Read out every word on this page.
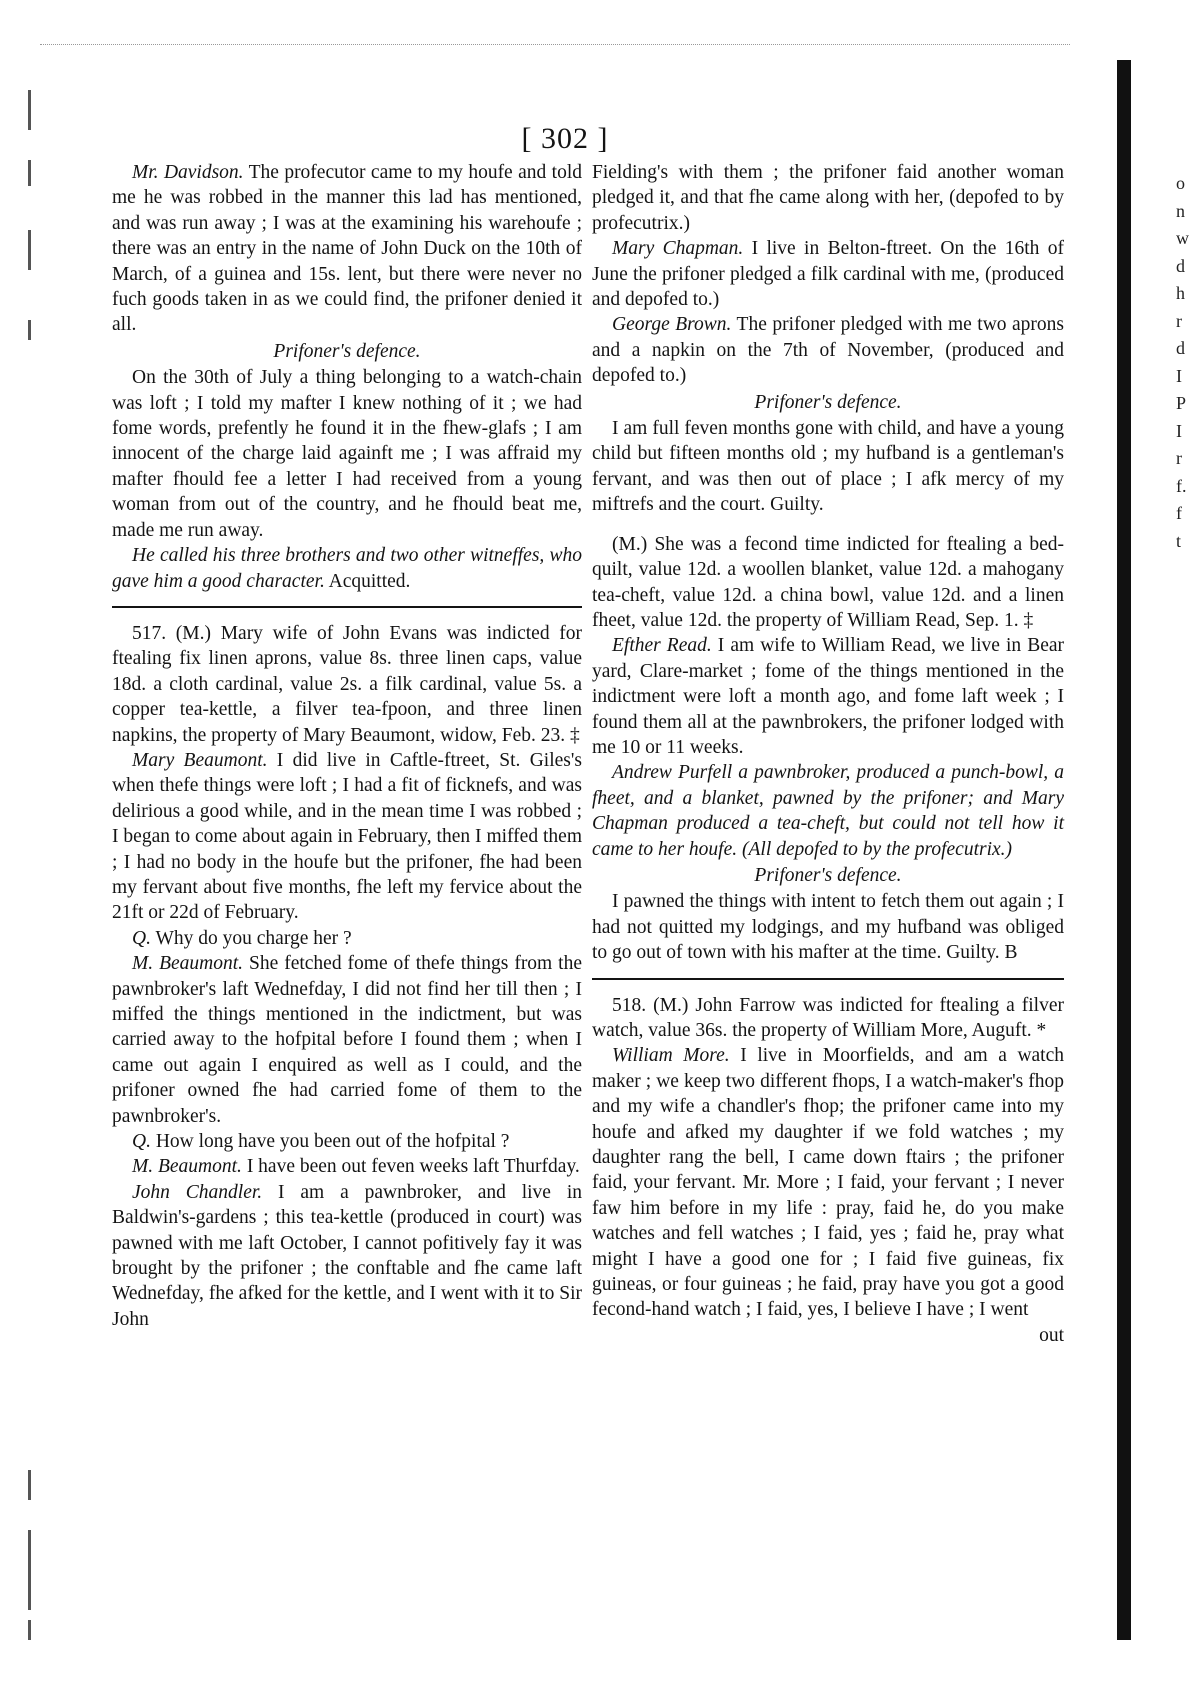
[ 302 ]

Mr. Davidson. The profecutor came to my houfe and told me he was robbed in the manner this lad has mentioned, and was run away ; I was at the examining his warehoufe ; there was an entry in the name of John Duck on the 10th of March, of a guinea and 15s. lent, but there were never no fuch goods taken in as we could find, the prifoner denied it all.

Prifoner's defence.

On the 30th of July a thing belonging to a watch-chain was loft ; I told my mafter I knew nothing of it ; we had fome words, prefently he found it in the fhew-glafs ; I am innocent of the charge laid againft me ; I was affraid my mafter fhould fee a letter I had received from a young woman from out of the country, and he fhould beat me, made me run away.

He called his three brothers and two other witneffes, who gave him a good character. Acquitted.

517. (M.) Mary wife of John Evans was indicted for ftealing fix linen aprons, value 8s. three linen caps, value 18d. a cloth cardinal, value 2s. a filk cardinal, value 5s. a copper tea-kettle, a filver tea-fpoon, and three linen napkins, the property of Mary Beaumont, widow, Feb. 23. ‡

Mary Beaumont. I did live in Caftle-ftreet, St. Giles's when thefe things were loft ; I had a fit of ficknefs, and was delirious a good while, and in the mean time I was robbed ; I began to come about again in February, then I miffed them ; I had no body in the houfe but the prifoner, fhe had been my fervant about five months, fhe left my fervice about the 21ft or 22d of February.

Q. Why do you charge her ?

M. Beaumont. She fetched fome of thefe things from the pawnbroker's laft Wednefday, I did not find her till then ; I miffed the things mentioned in the indictment, but was carried away to the hofpital before I found them ; when I came out again I enquired as well as I could, and the prifoner owned fhe had carried fome of them to the pawnbroker's.

Q. How long have you been out of the hofpital ?

M. Beaumont. I have been out feven weeks laft Thurfday.

John Chandler. I am a pawnbroker, and live in Baldwin's-gardens ; this tea-kettle (produced in court) was pawned with me laft October, I cannot pofitively fay it was brought by the prifoner ; the conftable and fhe came laft Wednefday, fhe afked for the kettle, and I went with it to Sir John

Fielding's with them ; the prifoner faid another woman pledged it, and that fhe came along with her, (depofed to by profecutrix.)

Mary Chapman. I live in Belton-ftreet. On the 16th of June the prifoner pledged a filk cardinal with me, (produced and depofed to.)

George Brown. The prifoner pledged with me two aprons and a napkin on the 7th of November, (produced and depofed to.)

Prifoner's defence.

I am full feven months gone with child, and have a young child but fifteen months old ; my hufband is a gentleman's fervant, and was then out of place ; I afk mercy of my miftrefs and the court. Guilty.

(M.) She was a fecond time indicted for ftealing a bed-quilt, value 12d. a woollen blanket, value 12d. a mahogany tea-cheft, value 12d. a china bowl, value 12d. and a linen fheet, value 12d. the property of William Read, Sep. 1. ‡

Efther Read. I am wife to William Read, we live in Bear yard, Clare-market ; fome of the things mentioned in the indictment were loft a month ago, and fome laft week ; I found them all at the pawnbrokers, the prifoner lodged with me 10 or 11 weeks.

Andrew Purfell a pawnbroker, produced a punch-bowl, a fheet, and a blanket, pawned by the prifoner; and Mary Chapman produced a tea-cheft, but could not tell how it came to her houfe. (All depofed to by the profecutrix.)

Prifoner's defence.

I pawned the things with intent to fetch them out again ; I had not quitted my lodgings, and my hufband was obliged to go out of town with his mafter at the time. Guilty. B

518. (M.) John Farrow was indicted for ftealing a filver watch, value 36s. the property of William More, Auguft. *

William More. I live in Moorfields, and am a watch maker ; we keep two different fhops, I a watch-maker's fhop and my wife a chandler's fhop; the prifoner came into my houfe and afked my daughter if we fold watches ; my daughter rang the bell, I came down ftairs ; the prifoner faid, your fervant. Mr. More ; I faid, your fervant ; I never faw him before in my life : pray, faid he, do you make watches and fell watches ; I faid, yes ; faid he, pray what might I have a good one for ; I faid five guineas, fix guineas, or four guineas ; he faid, pray have you got a good fecond-hand watch ; I faid, yes, I believe I have ; I went

out

o
n
w
d
h
r
d
I
P
I
r
f.
f
t
